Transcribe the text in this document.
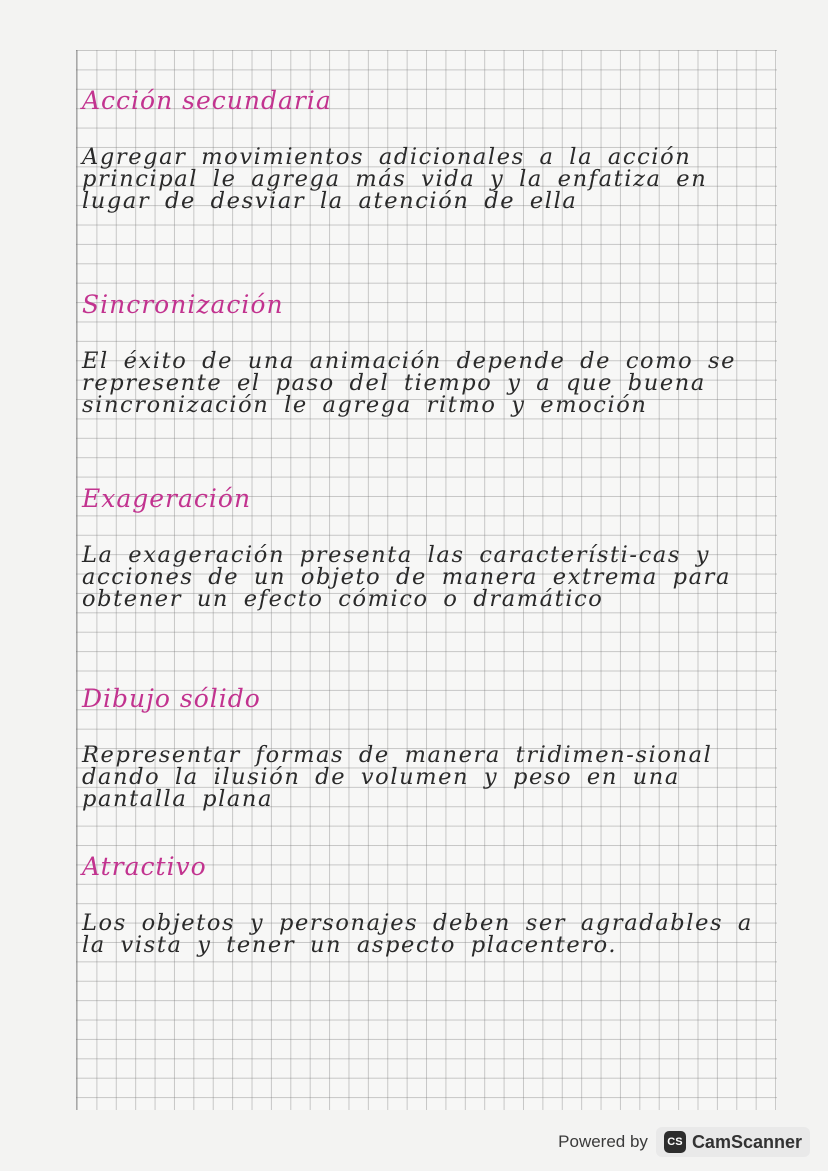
Acción secundaria

Agregar movimientos adicionales a la acción principal le agrega más vida y la enfatiza en lugar de desviar la atención de ella

Sincronización

El éxito de una animación depende de como se represente el paso del tiempo y a que buena sincronización le agrega ritmo y emoción

Exageración

La exageración presenta las característi-cas y acciones de un objeto de manera extrema para obtener un efecto cómico o dramático

Dibujo sólido

Representar formas de manera tridimen-sional dando la ilusión de volumen y peso en una pantalla plana

Atractivo

Los objetos y personajes deben ser agradables a la vista y tener un aspecto placentero.

Powered by	CS CamScanner
